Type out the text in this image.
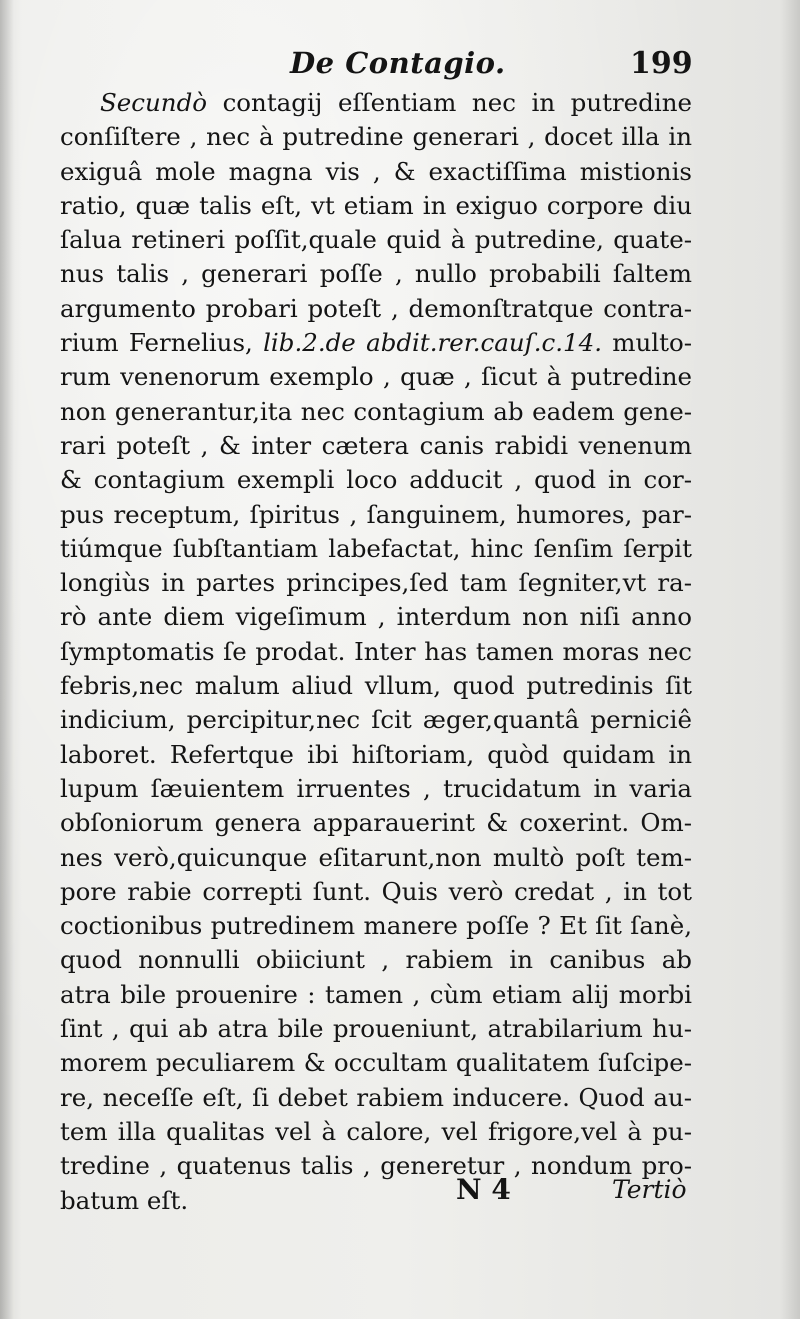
De Contagio.	199
Secundò contagij eſſentiam nec in putredine
conſiſtere , nec à putredine generari , docet illa in
exiguâ mole magna vis , & exactiſſima mistionis
ratio, quæ talis eſt, vt etiam in exiguo corpore diu
ſalua retineri poſſit,quale quid à putredine, quate-
nus talis , generari poſſe , nullo probabili ſaltem
argumento probari poteſt , demonſtratque contra-
rium Fernelius, lib.2.de abdit.rer.cauſ.c.14. multo-
rum venenorum exemplo , quæ , ſicut à putredine
non generantur,ita nec contagium ab eadem gene-
rari poteſt , & inter cætera canis rabidi venenum
& contagium exempli loco adducit , quod in cor-
pus receptum, ſpiritus , ſanguinem, humores, par-
tiúmque ſubſtantiam labefactat, hinc ſenſim ſerpit
longiùs in partes principes,ſed tam ſegniter,vt ra-
rò ante diem vigeſimum , interdum non niſi anno
ſymptomatis ſe prodat. Inter has tamen moras nec
febris,nec malum aliud vllum, quod putredinis ſit
indicium, percipitur,nec ſcit æger,quantâ perniciê
laboret. Refertque ibi hiſtoriam, quòd quidam in
lupum ſæuientem irruentes , trucidatum in varia
obſoniorum genera apparauerint & coxerint. Om-
nes verò,quicunque eſitarunt,non multò poſt tem-
pore rabie correpti ſunt. Quis verò credat , in tot
coctionibus putredinem manere poſſe ? Et ſit ſanè,
quod nonnulli obiiciunt , rabiem in canibus ab
atra bile prouenire : tamen , cùm etiam alij morbi
ſint , qui ab atra bile proueniunt, atrabilarium hu-
morem peculiarem & occultam qualitatem ſuſcipe-
re, neceſſe eſt, ſi debet rabiem inducere. Quod au-
tem illa qualitas vel à calore, vel frigore,vel à pu-
tredine , quatenus talis , generetur , nondum pro-
batum eſt.	N 4	Tertiò
